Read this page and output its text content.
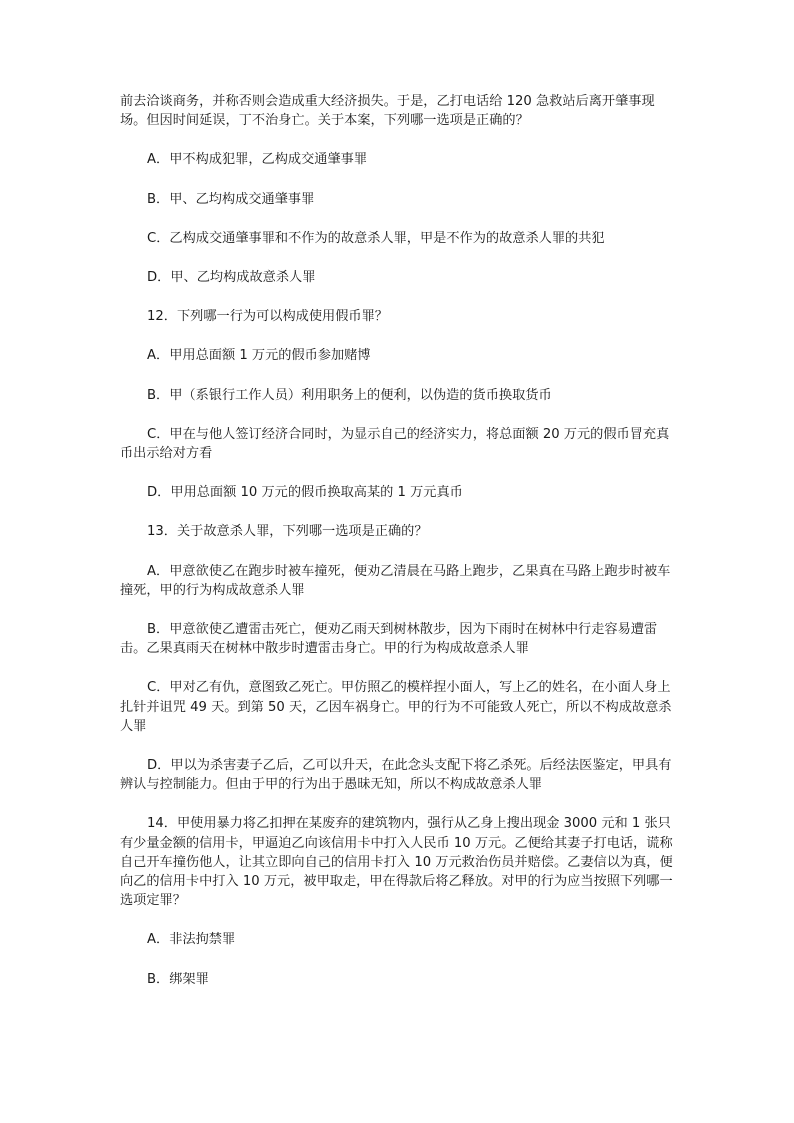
前去洽谈商务，并称否则会造成重大经济损失。于是，乙打电话给 120 急救站后离开肇事现场。但因时间延误，丁不治身亡。关于本案，下列哪一选项是正确的？

A．甲不构成犯罪，乙构成交通肇事罪

B．甲、乙均构成交通肇事罪

C．乙构成交通肇事罪和不作为的故意杀人罪，甲是不作为的故意杀人罪的共犯

D．甲、乙均构成故意杀人罪

12．下列哪一行为可以构成使用假币罪？

A．甲用总面额 1 万元的假币参加赌博

B．甲（系银行工作人员）利用职务上的便利，以伪造的货币换取货币

C．甲在与他人签订经济合同时，为显示自己的经济实力，将总面额 20 万元的假币冒充真币出示给对方看

D．甲用总面额 10 万元的假币换取高某的 1 万元真币

13．关于故意杀人罪，下列哪一选项是正确的？

A．甲意欲使乙在跑步时被车撞死，便劝乙清晨在马路上跑步，乙果真在马路上跑步时被车撞死，甲的行为构成故意杀人罪

B．甲意欲使乙遭雷击死亡，便劝乙雨天到树林散步，因为下雨时在树林中行走容易遭雷击。乙果真雨天在树林中散步时遭雷击身亡。甲的行为构成故意杀人罪

C．甲对乙有仇，意图致乙死亡。甲仿照乙的模样捏小面人，写上乙的姓名，在小面人身上扎针并诅咒 49 天。到第 50 天，乙因车祸身亡。甲的行为不可能致人死亡，所以不构成故意杀人罪

D．甲以为杀害妻子乙后，乙可以升天，在此念头支配下将乙杀死。后经法医鉴定，甲具有辨认与控制能力。但由于甲的行为出于愚昧无知，所以不构成故意杀人罪

14．甲使用暴力将乙扣押在某废弃的建筑物内，强行从乙身上搜出现金 3000 元和 1 张只有少量金额的信用卡，甲逼迫乙向该信用卡中打入人民币 10 万元。乙便给其妻子打电话，谎称自己开车撞伤他人，让其立即向自己的信用卡打入 10 万元救治伤员并赔偿。乙妻信以为真，便向乙的信用卡中打入 10 万元，被甲取走，甲在得款后将乙释放。对甲的行为应当按照下列哪一选项定罪？

A．非法拘禁罪

B．绑架罪
